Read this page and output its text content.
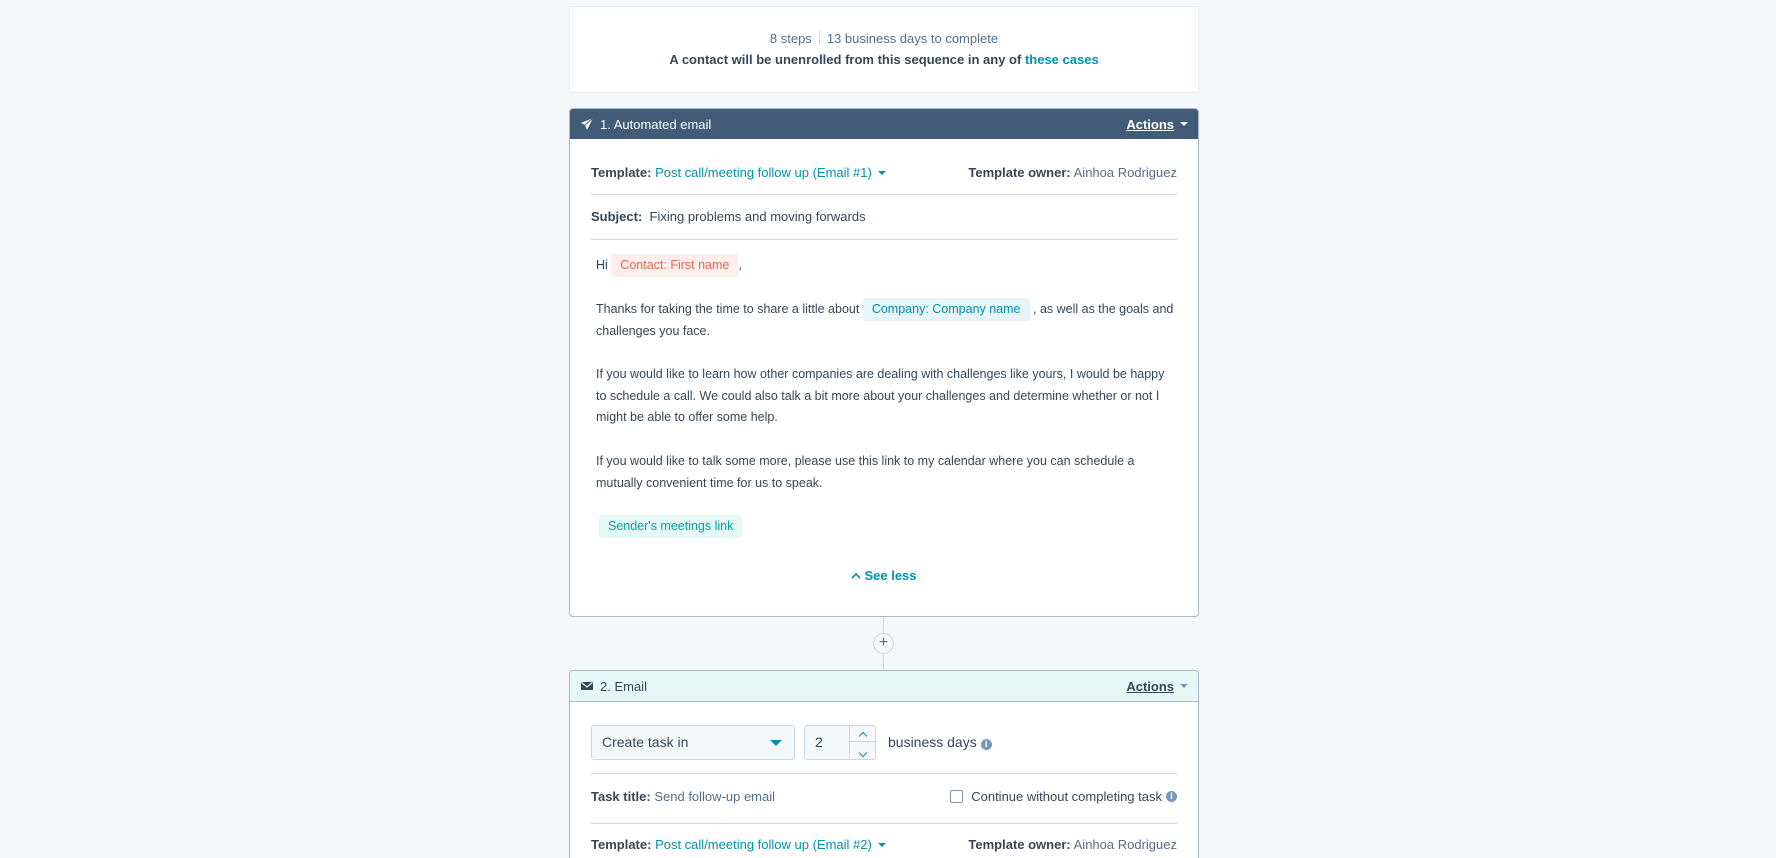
8 steps 13 business days to complete
A contact will be unenrolled from this sequence in any of these cases
1. Automated email	Actions
Template: Post call/meeting follow up (Email #1)	Template owner: Ainhoa Rodriguez
Subject: Fixing problems and moving forwards
Hi Contact: First name ,
Thanks for taking the time to share a little about Company: Company name , as well as the goals and challenges you face.
If you would like to learn how other companies are dealing with challenges like yours, I would be happy to schedule a call. We could also talk a bit more about your challenges and determine whether or not I might be able to offer some help.
If you would like to talk some more, please use this link to my calendar where you can schedule a mutually convenient time for us to speak.
Sender's meetings link
See less
+
2. Email	Actions
Create task in	2	business days i
Task title: Send follow-up email	Continue without completing task i
Template: Post call/meeting follow up (Email #2)	Template owner: Ainhoa Rodriguez
